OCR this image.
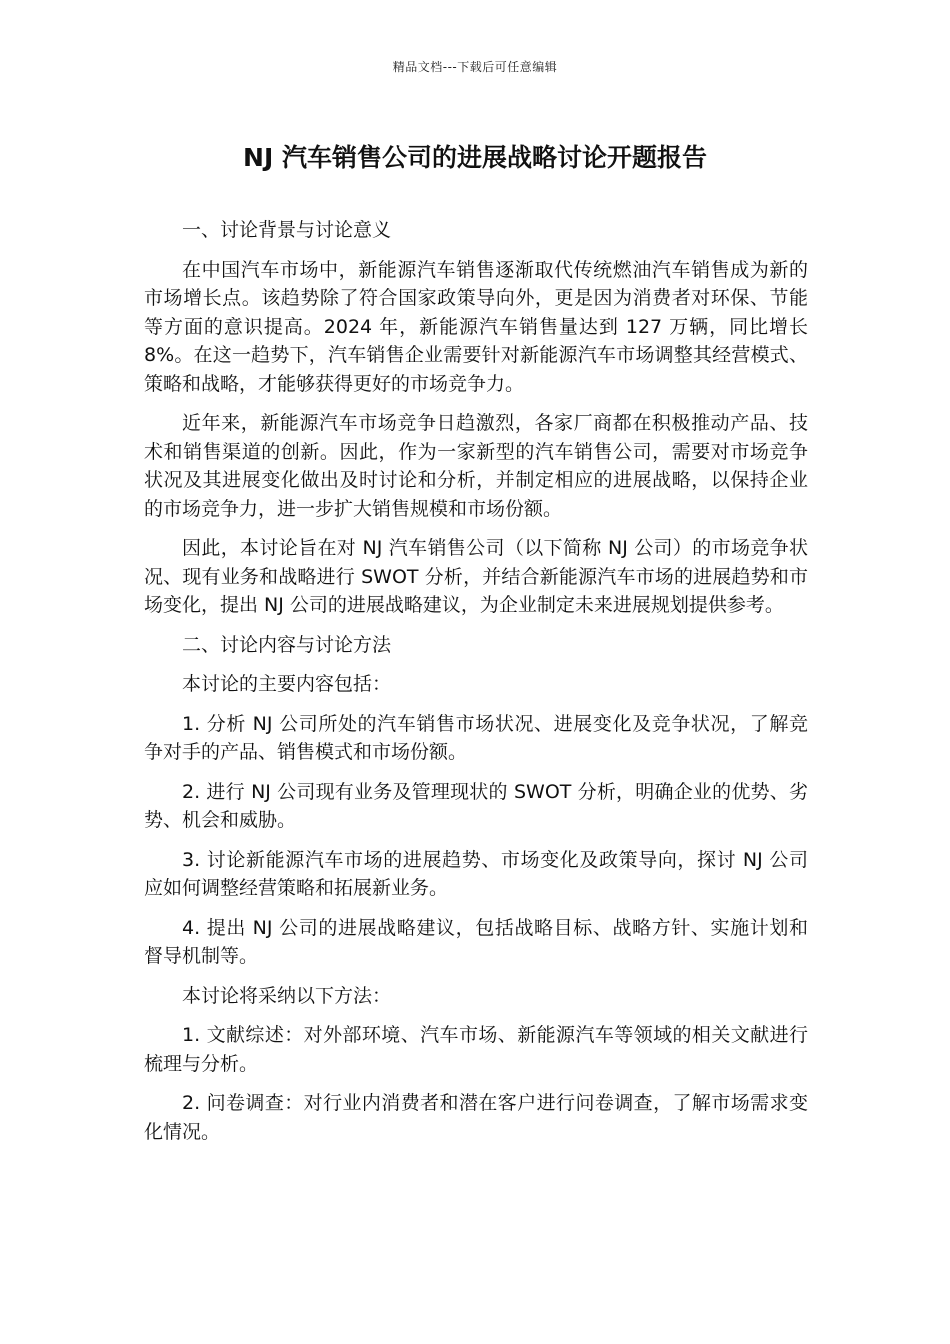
精品文档---下载后可任意编辑
NJ 汽车销售公司的进展战略讨论开题报告

一、讨论背景与讨论意义

在中国汽车市场中，新能源汽车销售逐渐取代传统燃油汽车销售成为新的市场增长点。该趋势除了符合国家政策导向外，更是因为消费者对环保、节能等方面的意识提高。2024 年，新能源汽车销售量达到 127 万辆，同比增长 8%。在这一趋势下，汽车销售企业需要针对新能源汽车市场调整其经营模式、策略和战略，才能够获得更好的市场竞争力。

近年来，新能源汽车市场竞争日趋激烈，各家厂商都在积极推动产品、技术和销售渠道的创新。因此，作为一家新型的汽车销售公司，需要对市场竞争状况及其进展变化做出及时讨论和分析，并制定相应的进展战略，以保持企业的市场竞争力，进一步扩大销售规模和市场份额。

因此，本讨论旨在对 NJ 汽车销售公司（以下简称 NJ 公司）的市场竞争状况、现有业务和战略进行 SWOT 分析，并结合新能源汽车市场的进展趋势和市场变化，提出 NJ 公司的进展战略建议，为企业制定未来进展规划提供参考。

二、讨论内容与讨论方法

本讨论的主要内容包括：

1. 分析 NJ 公司所处的汽车销售市场状况、进展变化及竞争状况，了解竞争对手的产品、销售模式和市场份额。

2. 进行 NJ 公司现有业务及管理现状的 SWOT 分析，明确企业的优势、劣势、机会和威胁。

3. 讨论新能源汽车市场的进展趋势、市场变化及政策导向，探讨 NJ 公司应如何调整经营策略和拓展新业务。

4. 提出 NJ 公司的进展战略建议，包括战略目标、战略方针、实施计划和督导机制等。

本讨论将采纳以下方法：

1. 文献综述：对外部环境、汽车市场、新能源汽车等领域的相关文献进行梳理与分析。

2. 问卷调查：对行业内消费者和潜在客户进行问卷调查，了解市场需求变化情况。
